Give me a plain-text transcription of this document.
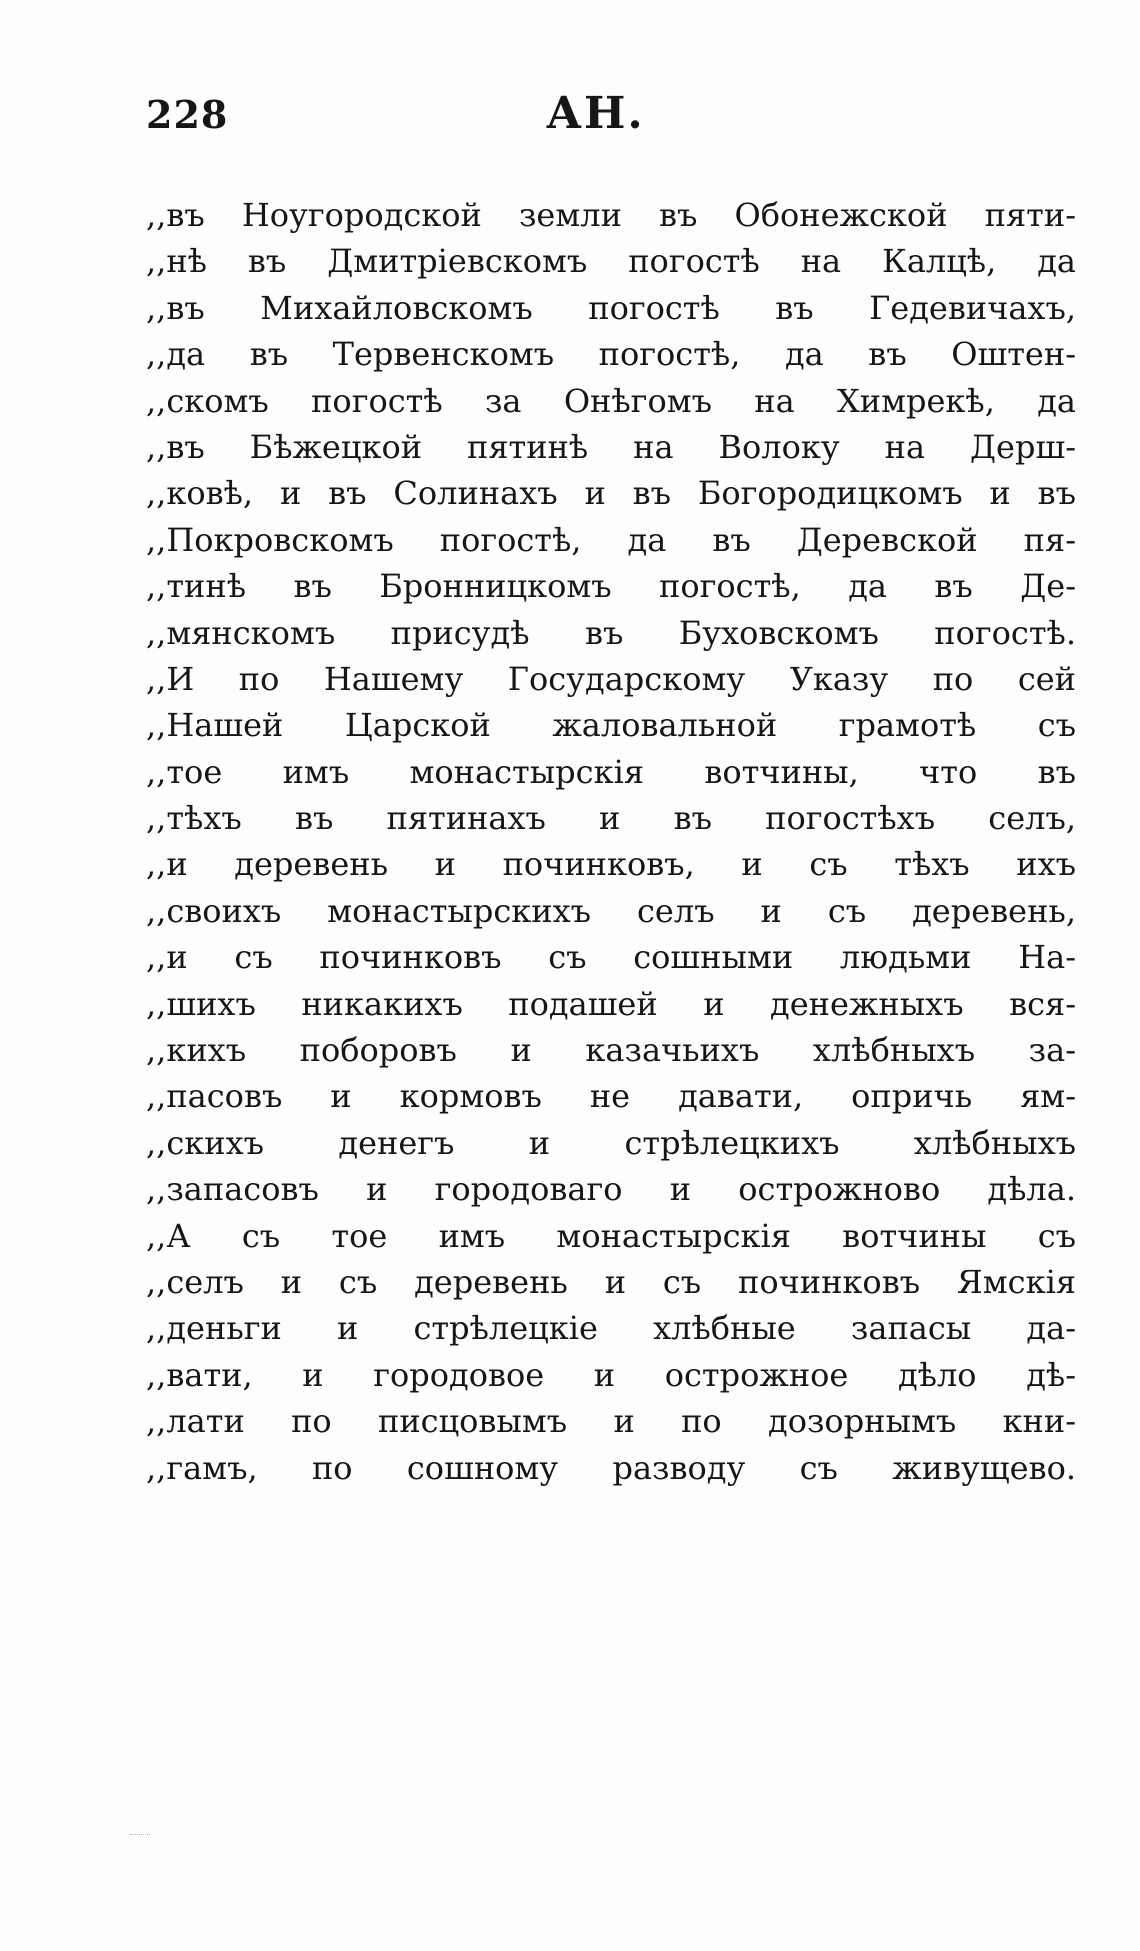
228	АН.
,,въ Ноугородской земли въ Обонежской пяти-
,,нѣ въ Дмитріевскомъ погостѣ на Калцѣ, да
,,въ Михайловскомъ погостѣ въ Гедевичахъ,
,,да въ Тервенскомъ погостѣ, да въ Оштен-
,,скомъ погостѣ за Онѣгомъ на Химрекѣ, да
,,въ Бѣжецкой пятинѣ на Волоку на Дерш-
,,ковѣ, и въ Солинахъ и въ Богородицкомъ и въ
,,Покровскомъ погостѣ, да въ Деревской пя-
,,тинѣ въ Бронницкомъ погостѣ, да въ Де-
,,мянскомъ присудѣ въ Буховскомъ погостѣ.
,,И по Нашему Государскому Указу по сей
,,Нашей Царской жаловальной грамотѣ съ
,,тое имъ монастырскія вотчины, что въ
,,тѣхъ въ пятинахъ и въ погостѣхъ селъ,
,,и деревень и починковъ, и съ тѣхъ ихъ
,,своихъ монастырскихъ селъ и съ деревень,
,,и съ починковъ съ сошными людьми На-
,,шихъ никакихъ подашей и денежныхъ вся-
,,кихъ поборовъ и казачьихъ хлѣбныхъ за-
,,пасовъ и кормовъ не давати, опричь ям-
,,скихъ денегъ и стрѣлецкихъ хлѣбныхъ
,,запасовъ и городоваго и острожново дѣла.
,,А съ тое имъ монастырскія вотчины съ
,,селъ и съ деревень и съ починковъ Ямскія
,,деньги и стрѣлецкіе хлѣбные запасы да-
,,вати, и городовое и острожное дѣло дѣ-
,,лати по писцовымъ и по дозорнымъ кни-
,,гамъ, по сошному разводу съ живущево.
